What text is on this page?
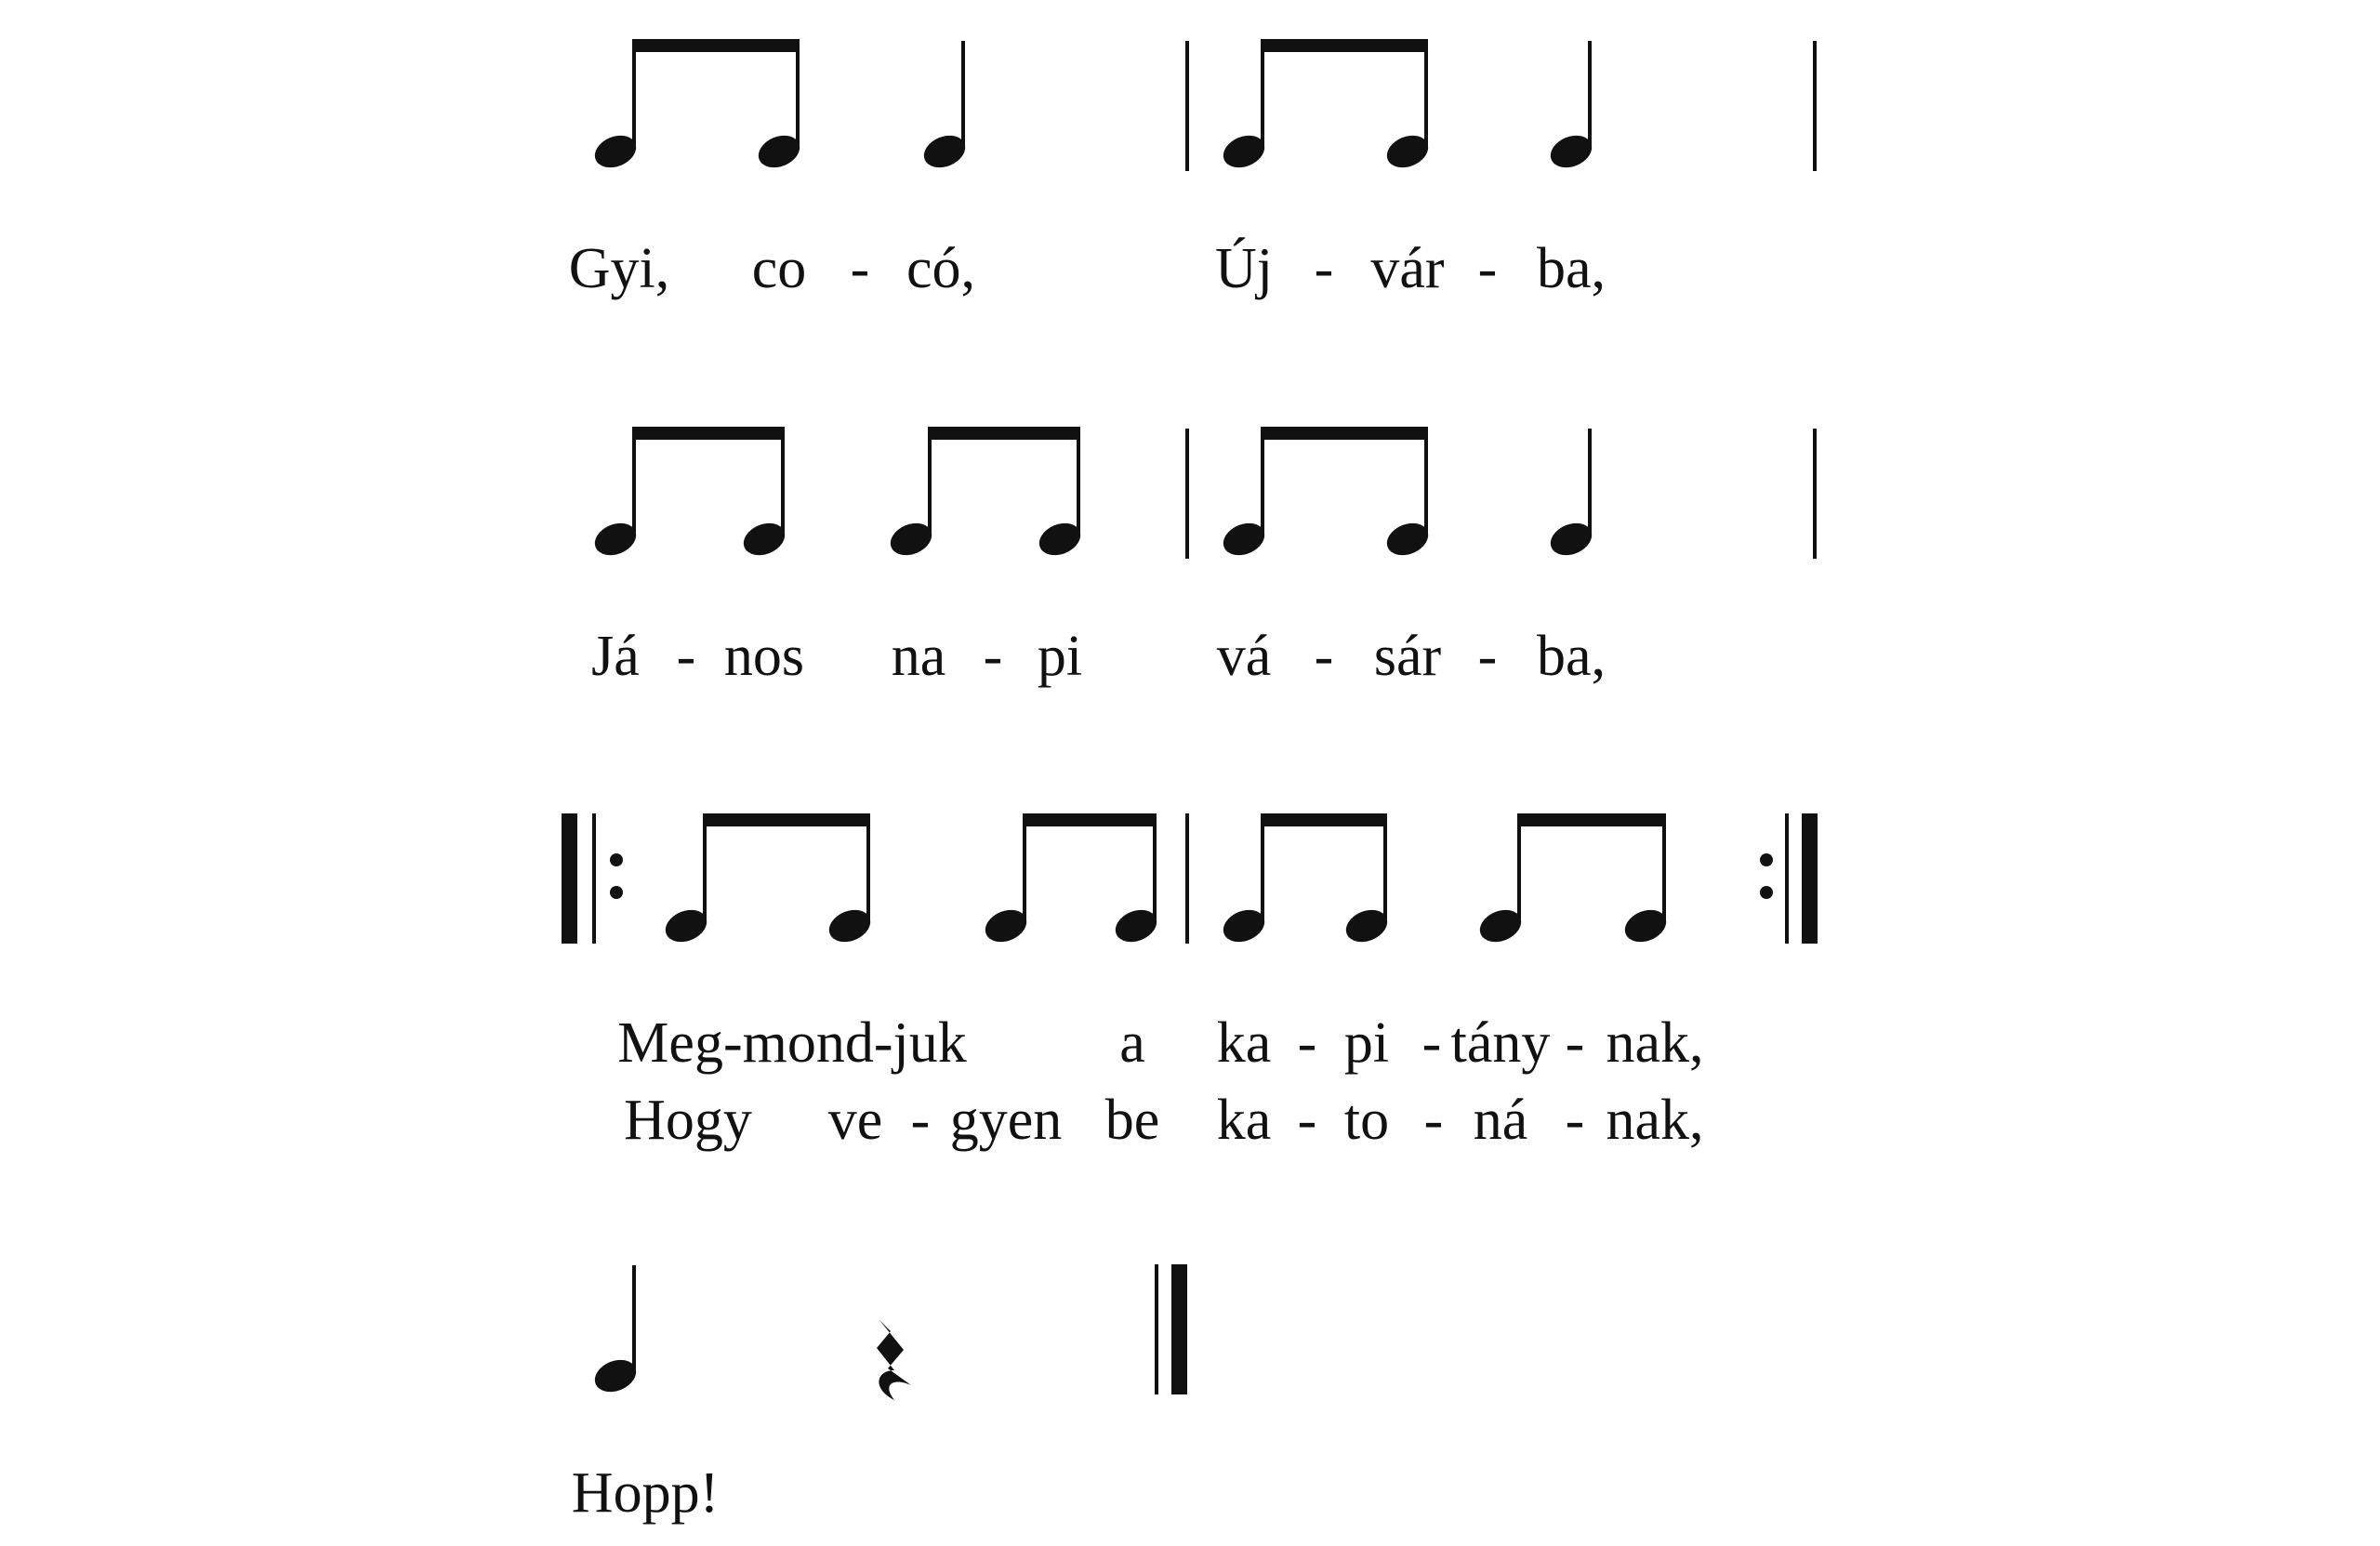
Gyi, co - có,	Új - vár - ba,
Já - nos na - pi vá - sár - ba,
Meg-mond-juk	a ka - pi - tány - nak,
Hogy ve - gyen be ka - to - ná - nak,
Hopp!
